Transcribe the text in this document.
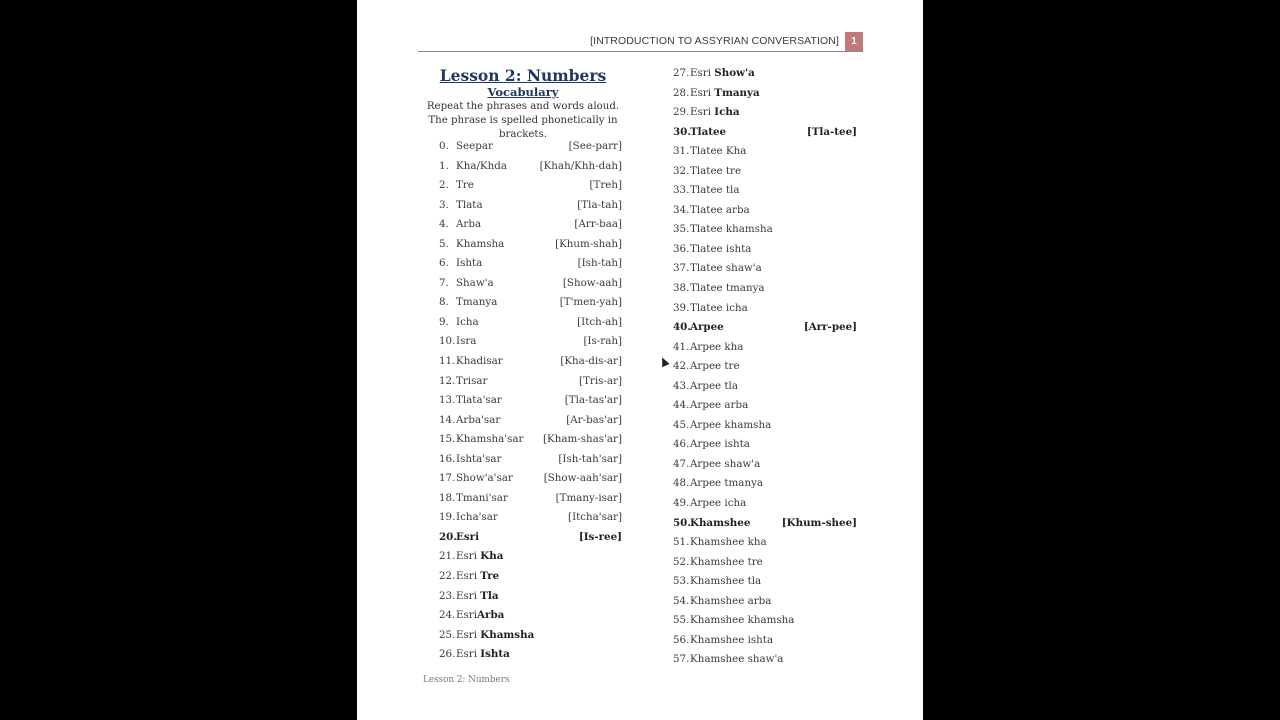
[INTRODUCTION TO ASSYRIAN CONVERSATION]	1
Lesson 2: Numbers
Vocabulary
Repeat the phrases and words aloud. The phrase is spelled phonetically in brackets.
0. Seepar	[See-parr]
1. Kha/Khda	[Khah/Khh-dah]
2. Tre	[Treh]
3. Tlata	[Tla-tah]
4. Arba	[Arr-baa]
5. Khamsha	[Khum-shah]
6. Ishta	[Ish-tah]
7. Shaw'a	[Show-aah]
8. Tmanya	[T'men-yah]
9. Icha	[Itch-ah]
10. Isra	[Is-rah]
11. Khadisar	[Kha-dis-ar]
12. Trisar	[Tris-ar]
13. Tlata'sar	[Tla-tas'ar]
14. Arba'sar	[Ar-bas'ar]
15. Khamsha'sar [Kham-shas'ar]
16. Ishta'sar	[Ish-tah'sar]
17. Show'a'sar	[Show-aah'sar]
18. Tmani'sar	[Tmany-isar]
19. Icha'sar	[Itcha'sar]
20. Esri	[Is-ree]
21. Esri Kha
22. Esri Tre
23. Esri Tla
24. EsriArba
25. Esri Khamsha
26. Esri Ishta
27. Esri Show'a
28. Esri Tmanya
29. Esri Icha
30. Tlatee	[Tla-tee]
31. Tlatee Kha
32. Tlatee tre
33. Tlatee tla
34. Tlatee arba
35. Tlatee khamsha
36. Tlatee ishta
37. Tlatee shaw'a
38. Tlatee tmanya
39. Tlatee icha
40. Arpee	[Arr-pee]
41. Arpee kha
42. Arpee tre
43. Arpee tla
44. Arpee arba
45. Arpee khamsha
46. Arpee ishta
47. Arpee shaw'a
48. Arpee tmanya
49. Arpee icha
50. Khamshee	[Khum-shee]
51. Khamshee kha
52. Khamshee tre
53. Khamshee tla
54. Khamshee arba
55. Khamshee khamsha
56. Khamshee ishta
57. Khamshee shaw'a
Lesson 2: Numbers
